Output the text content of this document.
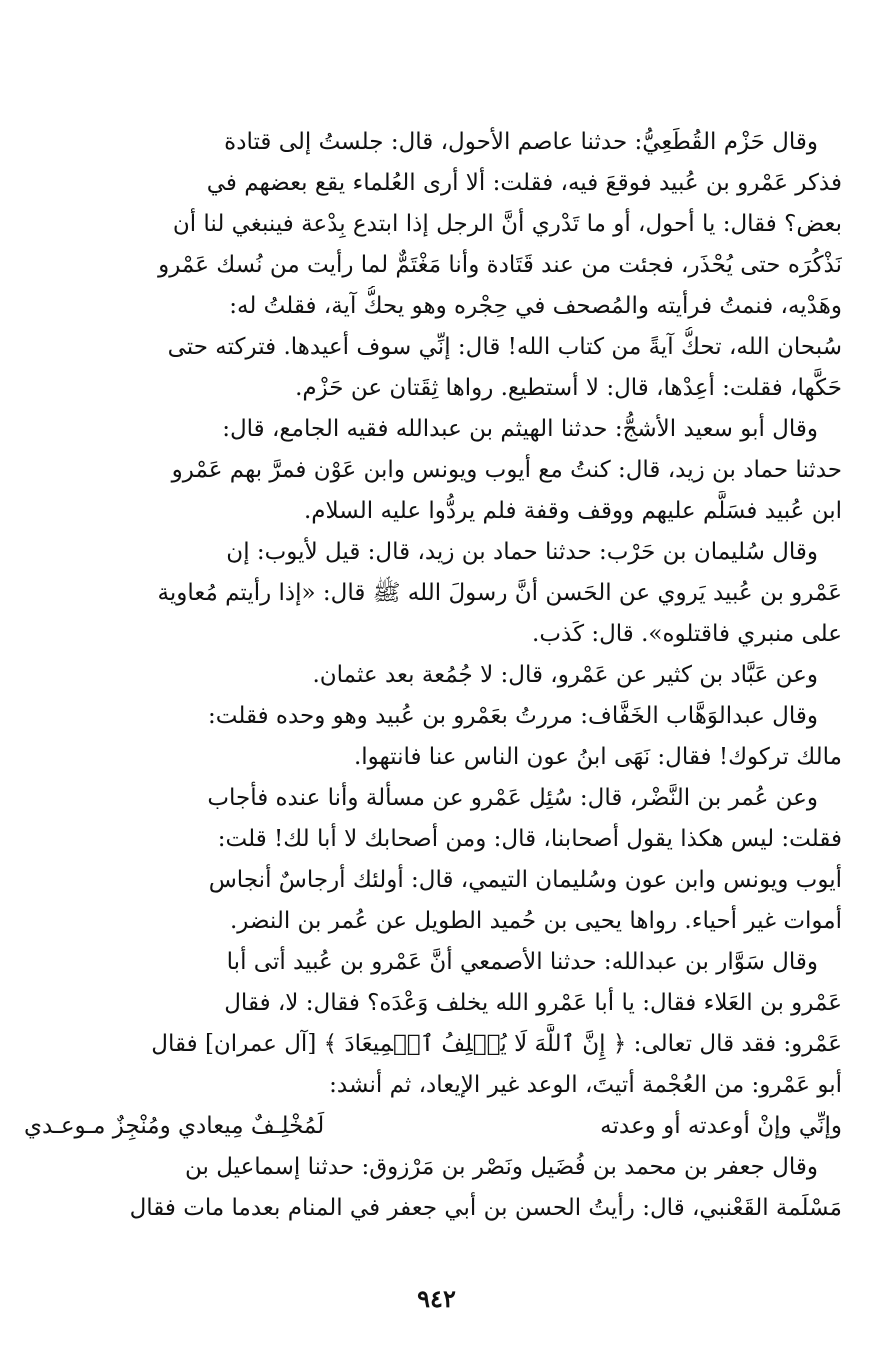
وقال حَزْم القُطَعِيُّ: حدثنا عاصم الأحول، قال: جلستُ إلى قتادة
فذكر عَمْرو بن عُبيد فوقعَ فيه، فقلت: ألا أرى العُلماء يقع بعضهم في
بعض؟ فقال: يا أحول، أو ما تَدْري أنَّ الرجل إذا ابتدع بِدْعة فينبغي لنا أن
نَذْكُرَه حتى يُحْذَر، فجئت من عند قَتَادة وأنا مَغْتَمٌّ لما رأيت من نُسك عَمْرو
وهَدْيه، فنمتُ فرأيته والمُصحف في حِجْره وهو يحكُّ آية، فقلتُ له:
سُبحان الله، تحكُّ آيةً من كتاب الله! قال: إنِّي سوف أعيدها. فتركته حتى
حَكَّها، فقلت: أعِدْها، قال: لا أستطيع. رواها ثِقَتان عن حَزْم.
وقال أبو سعيد الأشجُّ: حدثنا الهيثم بن عبدالله فقيه الجامع، قال:
حدثنا حماد بن زيد، قال: كنتُ مع أيوب ويونس وابن عَوْن فمرَّ بهم عَمْرو
ابن عُبيد فسَلَّم عليهم ووقف وقفة فلم يردُّوا عليه السلام.
وقال سُليمان بن حَرْب: حدثنا حماد بن زيد، قال: قيل لأيوب: إن
عَمْرو بن عُبيد يَروي عن الحَسن أنَّ رسولَ الله ﷺ قال: «إذا رأيتم مُعاوية
على منبري فاقتلوه». قال: كَذب.
وعن عَبَّاد بن كثير عن عَمْرو، قال: لا جُمُعة بعد عثمان.
وقال عبدالوَهَّاب الخَفَّاف: مررتُ بعَمْرو بن عُبيد وهو وحده فقلت:
مالك تركوك! فقال: نَهَى ابنُ عون الناس عنا فانتهوا.
وعن عُمر بن النَّضْر، قال: سُئِل عَمْرو عن مسألة وأنا عنده فأجاب
فقلت: ليس هكذا يقول أصحابنا، قال: ومن أصحابك لا أبا لك! قلت:
أيوب ويونس وابن عون وسُليمان التيمي، قال: أولئك أرجاسٌ أنجاس
أموات غير أحياء. رواها يحيى بن حُميد الطويل عن عُمر بن النضر.
وقال سَوَّار بن عبدالله: حدثنا الأصمعي أنَّ عَمْرو بن عُبيد أتى أبا
عَمْرو بن العَلاء فقال: يا أبا عَمْرو الله يخلف وَعْدَه؟ فقال: لا، فقال
عَمْرو: فقد قال تعالى: ﴿ إِنَّ ٱللَّهَ لَا يُخۡلِفُ ٱلۡمِيعَادَ ﴾ [آل عمران] فقال
أبو عَمْرو: من العُجْمة أتيتَ، الوعد غير الإيعاد، ثم أنشد:
وإنِّي وإنْ أوعدته أو وعدته
لَمُخْلِـفٌ مِيعادي ومُنْجِزٌ مـوعـدي
وقال جعفر بن محمد بن فُضَيل ونَصْر بن مَرْزوق: حدثنا إسماعيل بن
مَسْلَمة القَعْنبي، قال: رأيتُ الحسن بن أبي جعفر في المنام بعدما مات فقال
٩٤٢
